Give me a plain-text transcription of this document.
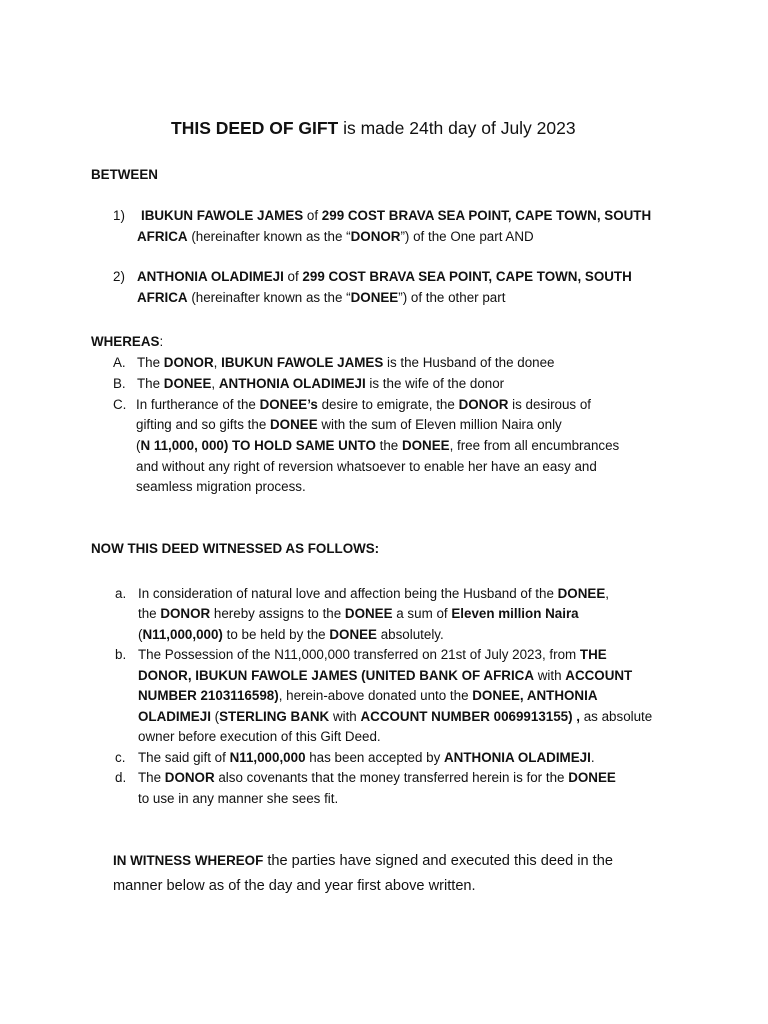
THIS DEED OF GIFT is made 24th day of July 2023
BETWEEN
1) IBUKUN FAWOLE JAMES of 299 COST BRAVA SEA POINT, CAPE TOWN, SOUTH
AFRICA (hereinafter known as the “DONOR”) of the One part AND
2) ANTHONIA OLADIMEJI of 299 COST BRAVA SEA POINT, CAPE TOWN, SOUTH
AFRICA (hereinafter known as the “DONEE”) of the other part
WHEREAS:
A. The DONOR, IBUKUN FAWOLE JAMES is the Husband of the donee
B. The DONEE, ANTHONIA OLADIMEJI is the wife of the donor
C. In furtherance of the DONEE’s desire to emigrate, the DONOR is desirous of
gifting and so gifts the DONEE with the sum of Eleven million Naira only
(N 11,000, 000) TO HOLD SAME UNTO the DONEE, free from all encumbrances
and without any right of reversion whatsoever to enable her have an easy and
seamless migration process.
NOW THIS DEED WITNESSED AS FOLLOWS:
a. In consideration of natural love and affection being the Husband of the DONEE,
the DONOR hereby assigns to the DONEE a sum of Eleven million Naira
(N11,000,000) to be held by the DONEE absolutely.
b. The Possession of the N11,000,000 transferred on 21st of July 2023, from THE
DONOR, IBUKUN FAWOLE JAMES (UNITED BANK OF AFRICA with ACCOUNT
NUMBER 2103116598), herein-above donated unto the DONEE, ANTHONIA
OLADIMEJI (STERLING BANK with ACCOUNT NUMBER 0069913155) , as absolute
owner before execution of this Gift Deed.
c. The said gift of N11,000,000 has been accepted by ANTHONIA OLADIMEJI.
d. The DONOR also covenants that the money transferred herein is for the DONEE
to use in any manner she sees fit.
IN WITNESS WHEREOF the parties have signed and executed this deed in the
manner below as of the day and year first above written.
